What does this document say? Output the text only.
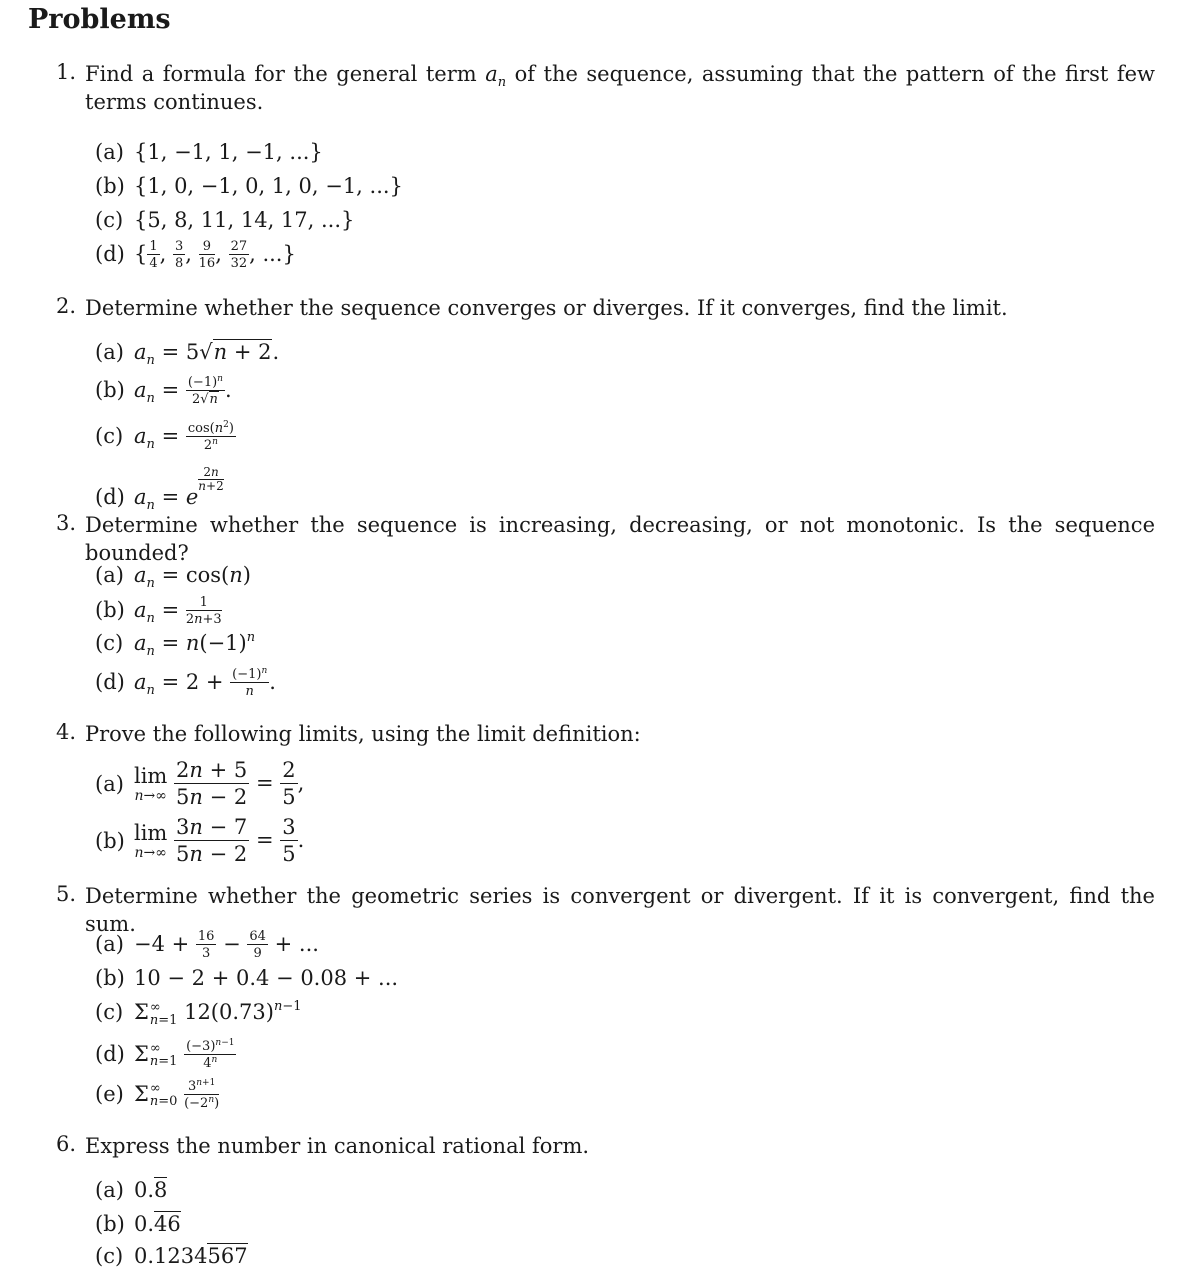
Problems
1. Find a formula for the general term $a_n$ of the sequence, assuming that the pattern of the first few terms continues.
(a) {1, −1, 1, −1, ...}
(b) {1, 0, −1, 0, 1, 0, −1, ...}
(c) {5, 8, 11, 14, 17, ...}
(d) { $\frac{1}{4}$ , $\frac{3}{8}$ , $\frac{9}{16}$ , $\frac{27}{32}$ , ...}
2. Determine whether the sequence converges or diverges. If it converges, find the limit.
(a) $a_n = 5√n + 2$.
(b) $a_n = \frac{(-1)^n}{2√n}$ .
(c) $a_n = \frac{\cos(n^2)}{2^n}$
(d) $a_n = e$
$\frac{2n}{n+2}$
3. Determine whether the sequence is increasing, decreasing, or not monotonic. Is the sequence bounded?
(a) $a_n = \cos(n)$
(b) $a_n = \frac{1}{2n+3}$
(c) $a_n = n(-1)^n$
(d) $a_n = 2 + \frac{(-1)^n}{n}$ .
4. Prove the following limits, using the limit definition:
(a) lim
n→∞
$\frac{2n + 5}{5n - 2} = \frac{2}{5}$ ,
(b) lim
n→∞
$\frac{3n - 7}{5n - 2} = \frac{3}{5}$ .
5. Determine whether the geometric series is convergent or divergent. If it is convergent, find the sum.
$(a) -4 + \frac{16}{3} - \frac{64}{9}$ + ...
(b) 10 − 2 + 0.4 − 0.08 + ...
(c) Σ ∞
n=1 $12(0.73)^{n-1}$
(d) Σ ∞
n=1
$\frac{(-3)^{n-1}}{4^n}$
(e) Σ ∞
n=0
$\frac{3^{n+1}}{(-2^n)}$
6. Express the number in canonical rational form.
(a) 0.8
(b) 0.46
(c) 0.1234567
